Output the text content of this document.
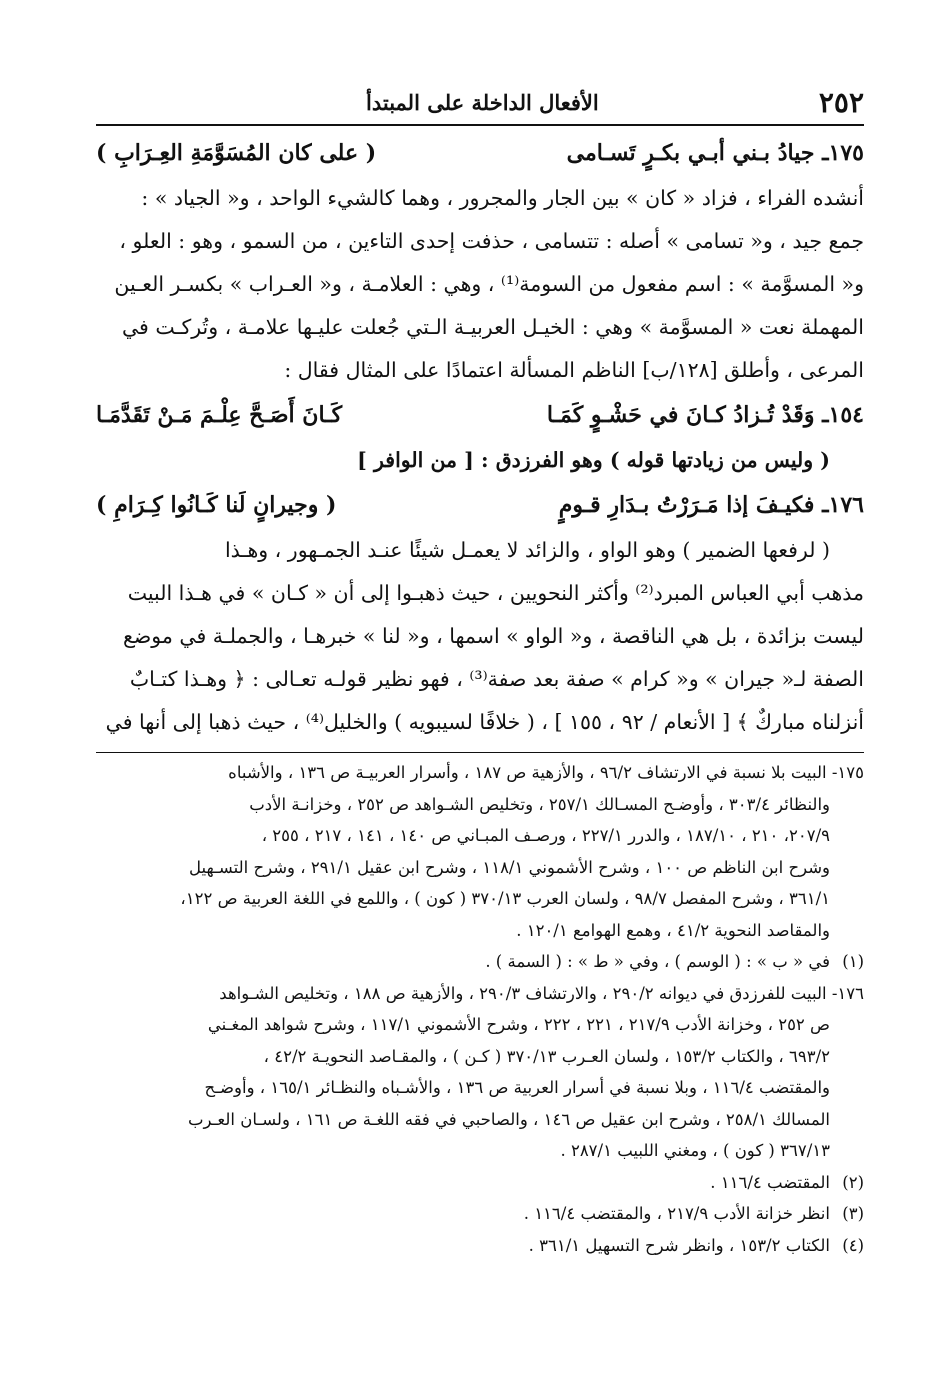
٢٥٢
الأفعال الداخلة على المبتدأ
١٧٥ـ جيادُ بـني أبـي بكـرٍ تَسـامى
( على كان المُسَوَّمَةِ العِـرَابِ )
أنشده الفراء ، فزاد « كان » بين الجار والمجرور ، وهما كالشيء الواحد ، و« الجياد » :
جمع جيد ، و« تسامى » أصله : تتسامى ، حذفت إحدى التاءين ، من السمو ، وهو : العلو ،
و« المسوَّمة » : اسم مفعول من السومة⁽¹⁾ ، وهي : العلامـة ، و« العـراب » بكسـر العـين
المهملة نعت « المسوَّمة » وهي : الخيـل العربيـة الـتي جُعلت عليـها علامـة ، وتُركـت في
المرعى ، وأطلق [١٢٨/ب] الناظم المسألة اعتمادًا على المثال فقال :
١٥٤ـ وَقَدْ تُـزادُ كـانَ في حَشْـوٍ كَمَـا
كَـانَ أَصَـحَّ عِلْـمَ مَـنْ تَقَدَّمَـا
( وليس من زيادتها قوله ) وهو الفرزدق : [ من الوافر ]
١٧٦ـ فكيـفَ إذا مَـرَرْتُ بـدَارِ قـومٍ
( وجيرانٍ لَنا كَـانُوا كِـرَامِ )
( لرفعها الضمير ) وهو الواو ، والزائد لا يعمـل شيئًا عنـد الجمـهور ، وهـذا
مذهب أبي العباس المبرد⁽²⁾ وأكثر النحويين ، حيث ذهبـوا إلى أن « كـان » في هـذا البيت
ليست بزائدة ، بل هي الناقصة ، و« الواو » اسمها ، و« لنا » خبرهـا ، والجملـة في موضع
الصفة لـ« جيران » و« كرام » صفة بعد صفة⁽³⁾ ، فهو نظير قولـه تعـالى : ﴿ وهـذا كتـابٌ
أنزلناه مباركٌ ﴾ [ الأنعام / ٩٢ ، ١٥٥ ] ، ( خلافًا لسيبويه ) والخليل⁽⁴⁾ ، حيث ذهبا إلى أنها في
١٧٥- البيت بلا نسبة في الارتشاف ٩٦/٢ ، والأزهية ص ١٨٧ ، وأسرار العربيـة ص ١٣٦ ، والأشباه
والنظائر ٣٠٣/٤ ، وأوضـح المسـالك ٢٥٧/١ ، وتخليص الشـواهد ص ٢٥٢ ، وخزانـة الأدب
٢٠٧/٩، ٢١٠ ، ١٨٧/١٠ ، والدرر ٢٢٧/١ ، ورصـف المبـاني ص ١٤٠ ، ١٤١ ، ٢١٧ ، ٢٥٥ ،
وشرح ابن الناظم ص ١٠٠ ، وشرح الأشموني ١١٨/١ ، وشرح ابن عقيل ٢٩١/١ ، وشرح التسـهيل
٣٦١/١ ، وشرح المفصل ٩٨/٧ ، ولسان العرب ٣٧٠/١٣ ( كون ) ، واللمع في اللغة العربية ص ١٢٢،
والمقاصد النحوية ٤١/٢ ، وهمع الهوامع ١٢٠/١ .
(١)في « ب » : ( الوسم ) ، وفي « ط » : ( السمة ) .
١٧٦- البيت للفرزدق في ديوانه ٢٩٠/٢ ، والارتشاف ٢٩٠/٣ ، والأزهية ص ١٨٨ ، وتخليص الشـواهد
ص ٢٥٢ ، وخزانة الأدب ٢١٧/٩ ، ٢٢١ ، ٢٢٢ ، وشرح الأشموني ١١٧/١ ، وشرح شواهد المغـني
٦٩٣/٢ ، والكتاب ١٥٣/٢ ، ولسان العـرب ٣٧٠/١٣ ( كـن ) ، والمقـاصد النحويـة ٤٢/٢ ،
والمقتضب ١١٦/٤ ، وبلا نسبة في أسرار العربية ص ١٣٦ ، والأشـباه والنظـائر ١٦٥/١ ، وأوضـح
المسالك ٢٥٨/١ ، وشرح ابن عقيل ص ١٤٦ ، والصاحبي في فقه اللغـة ص ١٦١ ، ولسـان العـرب
٣٦٧/١٣ ( كون ) ، ومغني اللبيب ٢٨٧/١ .
(٢)المقتضب ١١٦/٤ .
(٣)انظر خزانة الأدب ٢١٧/٩ ، والمقتضب ١١٦/٤ .
(٤)الكتاب ١٥٣/٢ ، وانظر شرح التسهيل ٣٦١/١ .
